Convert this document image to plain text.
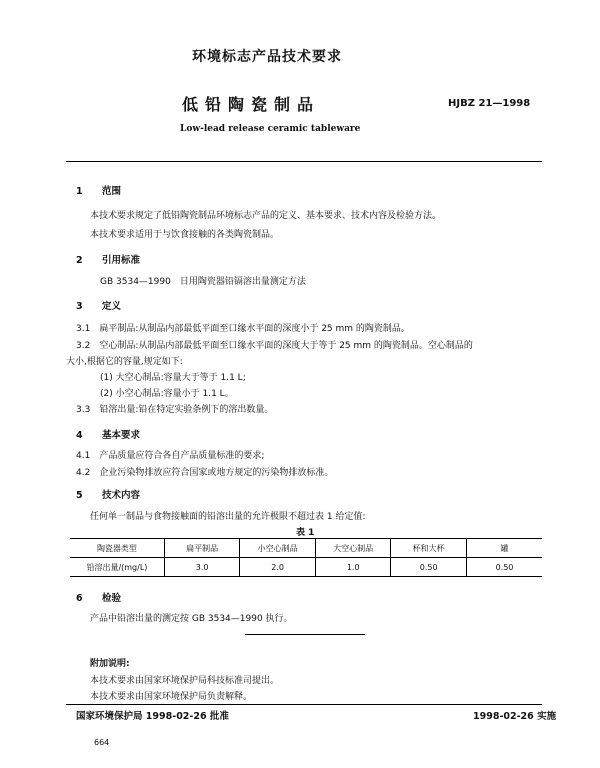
环境标志产品技术要求
低铅陶瓷制品	HJBZ 21—1998
Low-lead release ceramic tableware
1 范围
本技术要求规定了低铅陶瓷制品环境标志产品的定义、基本要求、技术内容及检验方法。
本技术要求适用于与饮食接触的各类陶瓷制品。
2 引用标准
GB 3534—1990　日用陶瓷器铅镉溶出量测定方法
3 定义
3.1　扁平制品:从制品内部最低平面至口缘水平面的深度小于 25 mm 的陶瓷制品。
3.2　空心制品:从制品内部最低平面至口缘水平面的深度大于等于 25 mm 的陶瓷制品。空心制品的
大小,根据它的容量,规定如下:
(1) 大空心制品:容量大于等于 1.1 L;
(2) 小空心制品:容量小于 1.1 L。
3.3　铅溶出量:铅在特定实验条例下的溶出数量。
4 基本要求
4.1　产品质量应符合各自产品质量标准的要求;
4.2　企业污染物排放应符合国家或地方规定的污染物排放标准。
5 技术内容
任何单一制品与食物接触面的铅溶出量的允许极限不超过表 1 给定值:
表 1
陶瓷器类型	扁平制品	小空心制品	大空心制品	杯和大杯	罐
铅溶出量/(mg/L)	3.0	2.0	1.0	0.50	0.50
6 检验
产品中铅溶出量的测定按 GB 3534—1990 执行。
附加说明:
本技术要求由国家环境保护局科技标准司提出。
本技术要求由国家环境保护局负责解释。
国家环境保护局 1998-02-26 批准	1998-02-26 实施
664
